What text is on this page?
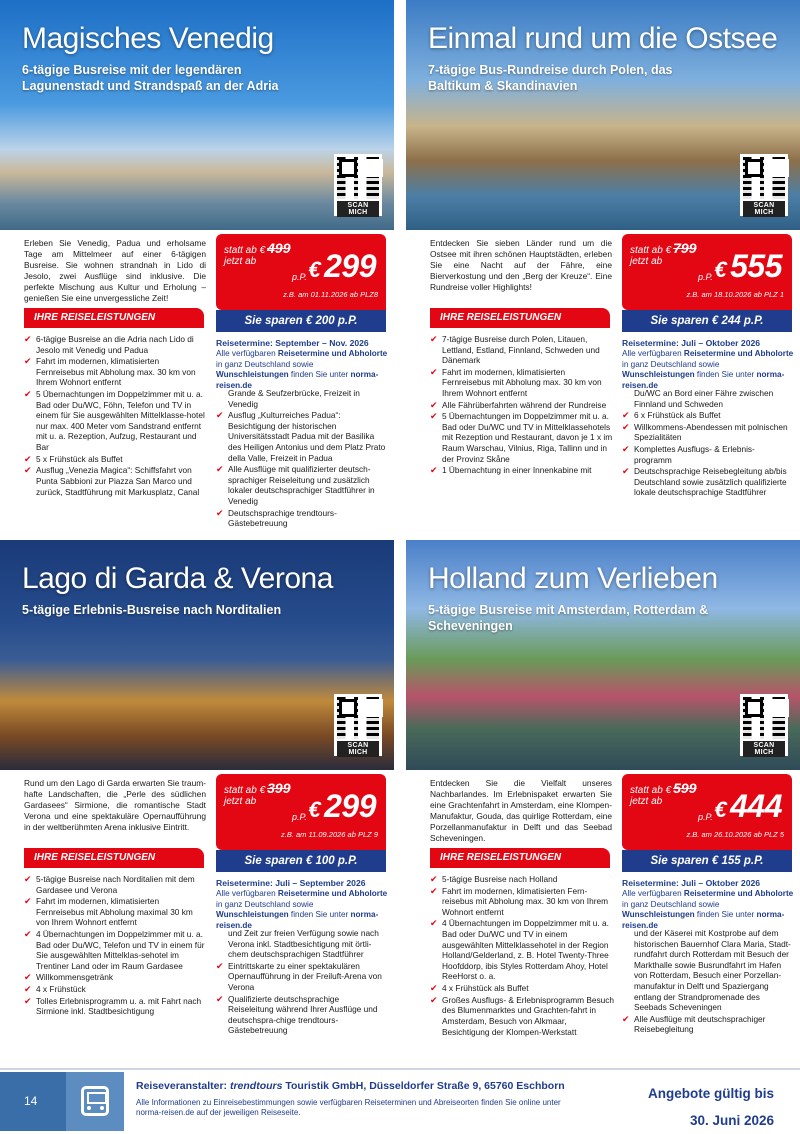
Magisches Venedig
6-tägige Busreise mit der legendären Lagunenstadt und Strandspaß an der Adria
SCAN MICH
Erleben Sie Venedig, Padua und erholsame Tage am Mittelmeer auf einer 6-tägigen Busreise. Sie wohnen strandnah in Lido di Jesolo, zwei Ausflüge sind inklusive. Die perfekte Mischung aus Kultur und Erholung – genießen Sie eine unvergessliche Zeit!
statt ab € 499
jetzt ab
p.P. € 299
z.B. am 01.11.2026 ab PLZ8
Sie sparen € 200 p.P.
IHRE REISELEISTUNGEN
✔ 6-tägige Busreise an die Adria nach Lido di Jesolo mit Venedig und Padua
✔ Fahrt im modernen, klimatisierten Fernreisebus mit Abholung max. 30 km von Ihrem Wohnort entfernt
✔ 5 Übernachtungen im Doppelzimmer mit u. a. Bad oder Du/WC, Föhn, Telefon und TV in einem für Sie ausgewählten Mittelklasse-hotel nur max. 400 Meter vom Sandstrand entfernt mit u. a. Rezeption, Aufzug, Restaurant und Bar
✔ 5 x Frühstück als Buffet
✔ Ausflug „Venezia Magica“: Schiffsfahrt von Punta Sabbioni zur Piazza San Marco und zurück, Stadtführung mit Markusplatz, Canal
Reisetermine: September – Nov. 2026
Alle verfügbaren Reisetermine und Abholorte in ganz Deutschland sowie Wunschleistungen finden Sie unter norma-reisen.de
Grande & Seufzerbrücke, Freizeit in Venedig
✔ Ausflug „Kulturreiches Padua“: Besichtigung der historischen Universitätsstadt Padua mit der Basilika des Heiligen Antonius und dem Platz Prato della Valle, Freizeit in Padua
✔ Alle Ausflüge mit qualifizierter deutsch-sprachiger Reiseleitung und zusätzlich lokaler deutschsprachiger Stadtführer in Venedig
✔ Deutschsprachige trendtours-Gästebetreuung
Einmal rund um die Ostsee
7-tägige Bus-Rundreise durch Polen, das Baltikum & Skandinavien
SCAN MICH
Entdecken Sie sieben Länder rund um die Ostsee mit ihren schönen Hauptstädten, erleben Sie eine Nacht auf der Fähre, eine Bierverkostung und den „Berg der Kreuze“. Eine Rundreise voller Highlights!
statt ab € 799
jetzt ab
p.P. € 555
z.B. am 18.10.2026 ab PLZ 1
Sie sparen € 244 p.P.
IHRE REISELEISTUNGEN
✔ 7-tägige Busreise durch Polen, Litauen, Lettland, Estland, Finnland, Schweden und Dänemark
✔ Fahrt im modernen, klimatisierten Fernreisebus mit Abholung max. 30 km von Ihrem Wohnort entfernt
✔ Alle Fährüberfahrten während der Rundreise
✔ 5 Übernachtungen im Doppelzimmer mit u. a. Bad oder Du/WC und TV in Mittelklassehotels mit Rezeption und Restaurant, davon je 1 x im Raum Warschau, Vilnius, Riga, Tallinn und in der Provinz Skåne
✔ 1 Übernachtung in einer Innenkabine mit
Reisetermine: Juli – Oktober 2026
Alle verfügbaren Reisetermine und Abholorte in ganz Deutschland sowie Wunschleistungen finden Sie unter norma-reisen.de
Du/WC an Bord einer Fähre zwischen Finnland und Schweden
✔ 6 x Frühstück als Buffet
✔ Willkommens-Abendessen mit polnischen Spezialitäten
✔ Komplettes Ausflugs- & Erlebnis-programm
✔ Deutschsprachige Reisebegleitung ab/bis Deutschland sowie zusätzlich qualifizierte lokale deutschsprachige Stadtführer
Lago di Garda & Verona
5-tägige Erlebnis-Busreise nach Norditalien
SCAN MICH
Rund um den Lago di Garda erwarten Sie traum-hafte Landschaften, die „Perle des südlichen Gardasees“ Sirmione, die romantische Stadt Verona und eine spektakuläre Opernaufführung in der weltberühmten Arena inklusive Eintritt.
statt ab € 399
jetzt ab
p.P. € 299
z.B. am 11.09.2026 ab PLZ 9
Sie sparen € 100 p.P.
IHRE REISELEISTUNGEN
✔ 5-tägige Busreise nach Norditalien mit dem Gardasee und Verona
✔ Fahrt im modernen, klimatisierten Fernreisebus mit Abholung maximal 30 km von Ihrem Wohnort entfernt
✔ 4 Übernachtungen im Doppelzimmer mit u. a. Bad oder Du/WC, Telefon und TV in einem für Sie ausgewählten Mittelklas-sehotel im Trentiner Land oder im Raum Gardasee
✔ Willkommensgetränk
✔ 4 x Frühstück
✔ Tolles Erlebnisprogramm u. a. mit Fahrt nach Sirmione inkl. Stadtbesichtigung
Reisetermine: Juli – September 2026
Alle verfügbaren Reisetermine und Abholorte in ganz Deutschland sowie Wunschleistungen finden Sie unter norma-reisen.de
und Zeit zur freien Verfügung sowie nach Verona inkl. Stadtbesichtigung mit örtli-chem deutschsprachigen Stadtführer
✔ Eintrittskarte zu einer spektakulären Opernaufführung in der Freiluft-Arena von Verona
✔ Qualifizierte deutschsprachige Reiseleitung während Ihrer Ausflüge und deutschspra-chige trendtours-Gästebetreuung
Holland zum Verlieben
5-tägige Busreise mit Amsterdam, Rotterdam & Scheveningen
SCAN MICH
Entdecken Sie die Vielfalt unseres Nachbarlandes. Im Erlebnispaket erwarten Sie eine Grachtenfahrt in Amsterdam, eine Klompen-Manufaktur, Gouda, das quirlige Rotterdam, eine Porzellanmanufaktur in Delft und das Seebad Scheveningen.
statt ab € 599
jetzt ab
p.P. € 444
z.B. am 26.10.2026 ab PLZ 5
Sie sparen € 155 p.P.
IHRE REISELEISTUNGEN
✔ 5-tägige Busreise nach Holland
✔ Fahrt im modernen, klimatisierten Fern-reisebus mit Abholung max. 30 km von Ihrem Wohnort entfernt
✔ 4 Übernachtungen im Doppelzimmer mit u. a. Bad oder Du/WC und TV in einem ausgewählten Mittelklassehotel in der Region Holland/Gelderland, z. B. Hotel Twenty-Three Hoofddorp, ibis Styles Rotterdam Ahoy, Hotel ReeHorst o. a.
✔ 4 x Frühstück als Buffet
✔ Großes Ausflugs- & Erlebnisprogramm Besuch des Blumenmarktes und Grachten-fahrt in Amsterdam, Besuch von Alkmaar, Besichtigung der Klompen-Werkstatt
Reisetermine: Juli – Oktober 2026
Alle verfügbaren Reisetermine und Abholorte in ganz Deutschland sowie Wunschleistungen finden Sie unter norma-reisen.de
und der Käserei mit Kostprobe auf dem historischen Bauernhof Clara Maria, Stadt-rundfahrt durch Rotterdam mit Besuch der Markthalle sowie Busrundfahrt im Hafen von Rotterdam, Besuch einer Porzellan-manufaktur in Delft und Spaziergang entlang der Strandpromenade des Seebads Scheveningen
✔ Alle Ausflüge mit deutschsprachiger Reisebegleitung
14
Reiseveranstalter: trendtours Touristik GmbH, Düsseldorfer Straße 9, 65760 Eschborn
Alle Informationen zu Einreisebestimmungen sowie verfügbaren Reiseterminen und Abreiseorten finden Sie online unter norma-reisen.de auf der jeweiligen Reiseseite.
Angebote gültig bis
30. Juni 2026
